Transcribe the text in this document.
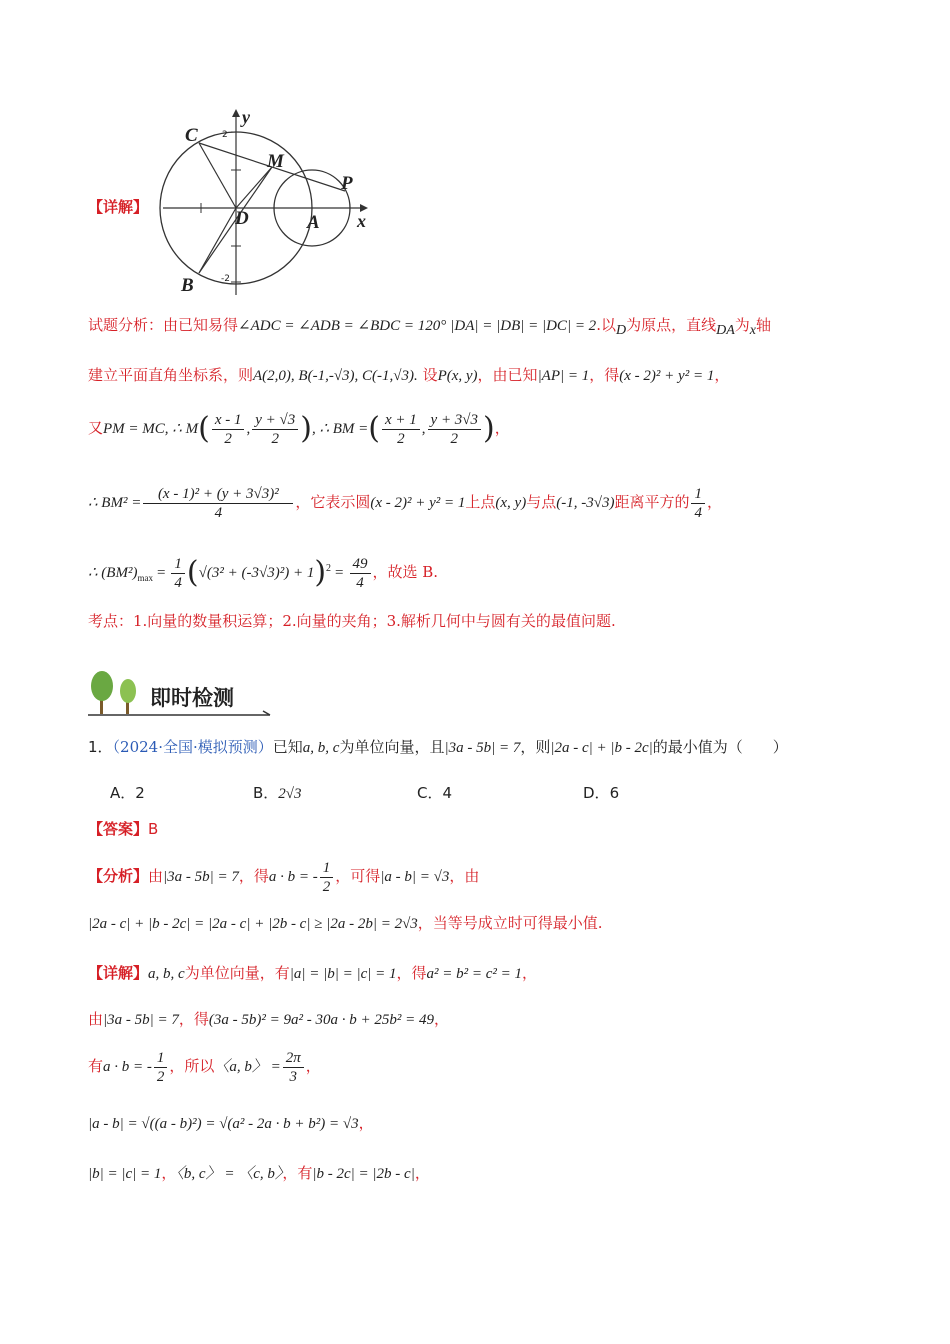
【详解】
C
y
2
M
P
D	A x
-2
B
试题分析：由已知易得∠ADC = ∠ADB = ∠BDC = 120° |DA| = |DB| = |DC| = 2.以D为原点，直线DA为x轴
建立平面直角坐标系，则A(2,0), B(-1,-√3), C(-1,√3). 设P(x, y)，由已知|AP| = 1，得(x - 2)² + y² = 1，
又PM = MC, ∴ $M( \frac{x - 1}{2}$ , $\frac{y + √3}{2}$ ), ∴ BM =( $\frac{x + 1}{2}$ , $\frac{y + 3√3}{2}$ )，
∴ $BM^2 = \frac{\text{(x - 1)² + (y + 3√3)²}}{4}$ ，它表示圆(x - 2)² + y² = 1上点(x, y)与点(-1, -3√3)距离平方的 $\frac{1}{4}$ ，
∴ $(BM^2)_{max} = \frac{1}{4} (√(3^2 + (-3√3)^2) + 1)^2 = \frac{49}{4}$ ，故选 B.
考点：1.向量的数量积运算；2.向量的夹角；3.解析几何中与圆有关的最值问题.
即时检测
1．（2024·全国·模拟预测）已知a, b, c为单位向量，且|3a - 5b| = 7，则|2a - c| + |b - 2c|的最小值为（　　）
A．2	B．2√3	C．4	D．6
【答案】B
【分析】由|3a - 5b| = 7，得a · b = - $\frac{1}{2}$ ，可得|a - b| = √3，由
|2a - c| + |b - 2c| = |2a - c| + |2b - c| ≥ |2a - 2b| = 2√3，当等号成立时可得最小值.
【详解】a, b, c为单位向量，有|a| = |b| = |c| = 1，得a² = b² = c² = 1，
由|3a - 5b| = 7，得(3a - 5b)² = 9a² - 30a · b + 25b² = 49，
有a · b = - $\frac{1}{2}$ ，所以〈a, b〉 = $\frac{2\pi}{3}$ ，
|a - b| = √((a - b)²) = √(a² - 2a · b + b²) = √3，
|b| = |c| = 1，〈b, c〉 = 〈c, b〉，有|b - 2c| = |2b - c|，
